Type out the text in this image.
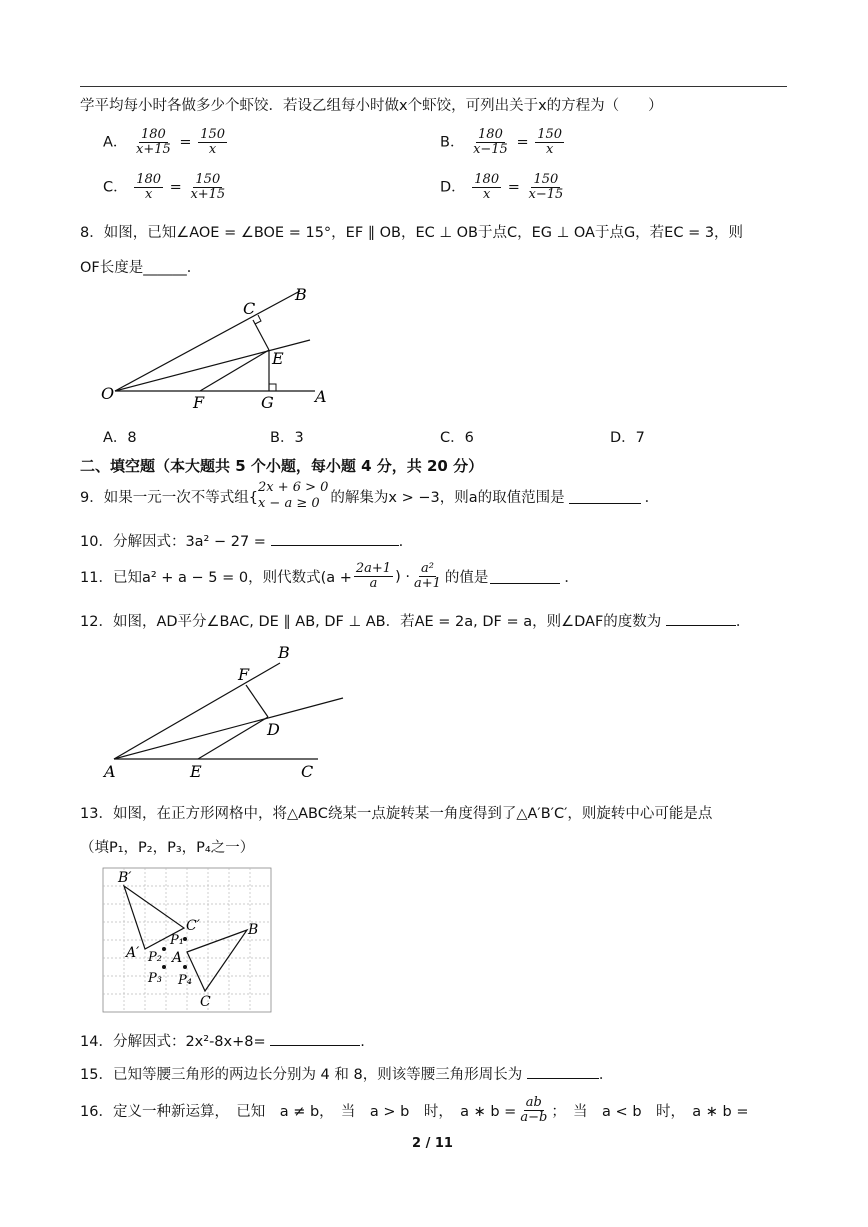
学平均每小时各做多少个虾饺．若设乙组每小时做x个虾饺，可列出关于x的方程为（　　）
A． $\frac{180}{x+15} = \frac{150}{x}$	B． $\frac{180}{x-15} = \frac{150}{x}$
C． $\frac{180}{x} = \frac{150}{x+15}$	D． $\frac{180}{x} = \frac{150}{x-15}$
8．如图，已知∠AOE = ∠BOE = 15°，EF ∥ OB，EC ⊥ OB于点C，EG ⊥ OA于点G，若EC = 3，则
OF长度是______．
O	F	G	A
E
C
B
A．8	B．3	C．6	D．7
二、填空题（本大题共 5 个小题，每小题 4 分，共 20 分）
9．如果一元一次不等式组{
2x + 6 > 0
x − a ≥ 0 的解集为x > −3，则a的取值范围是	．
10．分解因式：3a² − 27 =	.
11．已知a² + a − 5 = 0，则代数式($a + \frac{2a+1}{a}$ ) · $\frac{\text{a²}}{a+1}$ 的值是	．
12．如图，AD平分∠BAC, DE ∥ AB, DF ⊥ AB．若AE = 2a, DF = a，则∠DAF的度数为	．
A	E	C
D
F
B
13．如图，在正方形网格中，将△ABC绕某一点旋转某一角度得到了△A′B′C′，则旋转中心可能是点
（填P₁，P₂，P₃，P₄之一）
B′
C′
A′
P₁
A
P₂
P₃ P₄
B
C
14．分解因式：2x²-8x+8=	.
15．已知等腰三角形的两边长分别为 4 和 8，则该等腰三角形周长为	．
16．定义一种新运算，　已知　a ≠ b，　当　a > b　时，　a ∗ $b = \frac{ab}{a-b}$ ；　当　a < b　时，　a ∗ b =
2 / 11
